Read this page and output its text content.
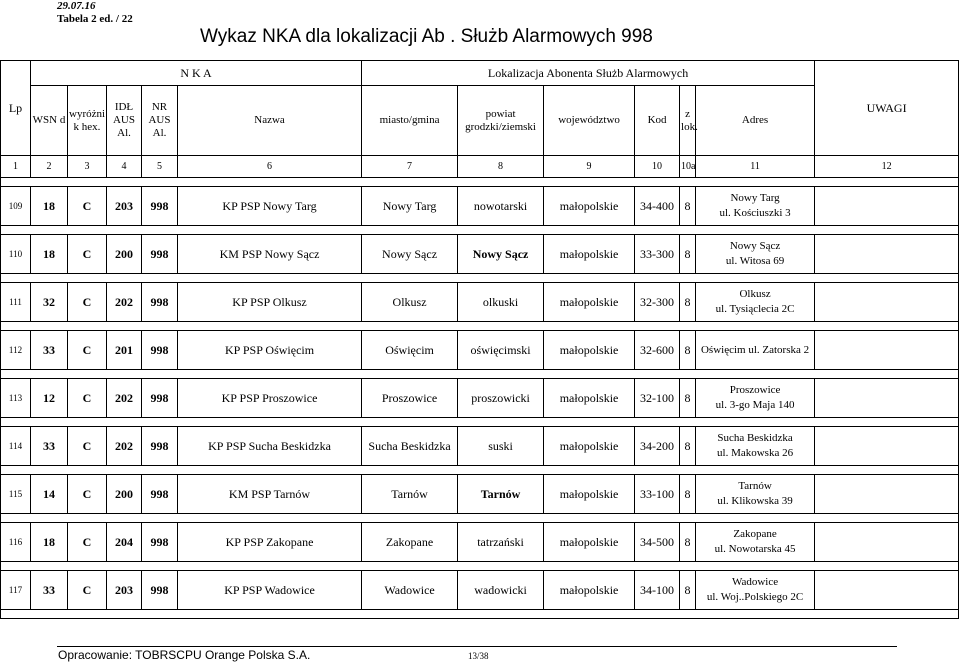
29.07.16
Tabela 2 ed. / 22
Wykaz NKA dla lokalizacji Ab . Służb Alarmowych 998
Lp	N K A					Lokalizacja Abonenta Służb Alarmowych						UWAGI
	WSN d	wyróżni k hex.	IDŁ AUS Al.	NR AUS Al.	Nazwa	miasto/gmina	powiat grodzki/ziemski	województwo	Kod	z lok.	Adres	
1	2	3	4	5	6	7	8	9	10	10a	11	12

109	18	C	203	998	KP PSP Nowy Targ	Nowy Targ	nowotarski	małopolskie	34-400	8	Nowy Targ
ul. Kościuszki 3	

110	18	C	200	998	KM PSP Nowy Sącz	Nowy Sącz	Nowy Sącz	małopolskie	33-300	8	Nowy Sącz
ul. Witosa 69	

111	32	C	202	998	KP PSP Olkusz	Olkusz	olkuski	małopolskie	32-300	8	Olkusz
ul. Tysiąclecia 2C	

112	33	C	201	998	KP PSP Oświęcim	Oświęcim	oświęcimski	małopolskie	32-600	8	Oświęcim ul. Zatorska 2	

113	12	C	202	998	KP PSP Proszowice	Proszowice	proszowicki	małopolskie	32-100	8	Proszowice
ul. 3-go Maja 140	

114	33	C	202	998	KP PSP Sucha Beskidzka	Sucha Beskidzka	suski	małopolskie	34-200	8	Sucha Beskidzka
ul. Makowska 26	

115	14	C	200	998	KM PSP Tarnów	Tarnów	Tarnów	małopolskie	33-100	8	Tarnów
ul. Klikowska 39	

116	18	C	204	998	KP PSP Zakopane	Zakopane	tatrzański	małopolskie	34-500	8	Zakopane
ul. Nowotarska 45	

117	33	C	203	998	KP PSP Wadowice	Wadowice	wadowicki	małopolskie	34-100	8	Wadowice
ul. Woj..Polskiego 2C	

Opracowanie: TOBRSCPU Orange Polska S.A.	13/38
